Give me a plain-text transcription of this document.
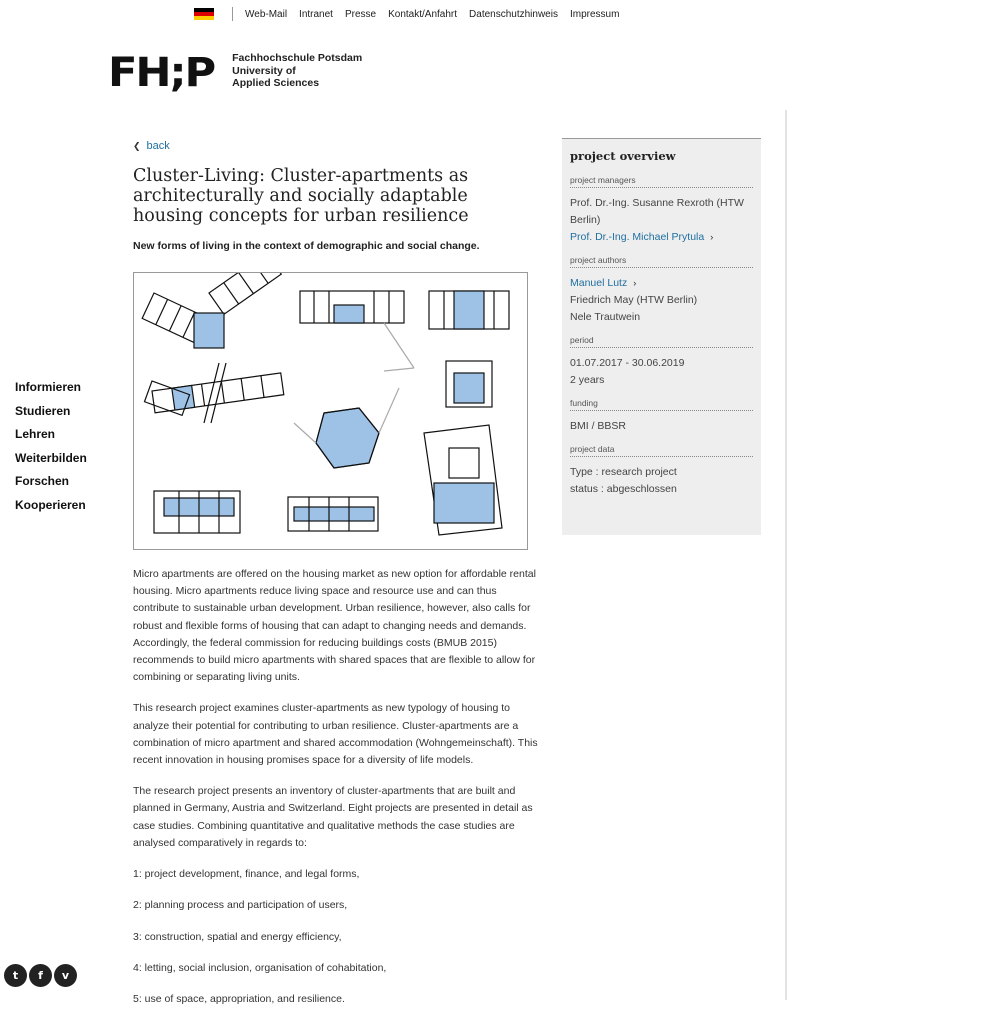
Web-Mail Intranet Presse Kontakt/Anfahrt Datenschutzhinweis Impressum
FH;P Fachhochschule Potsdam
University of
Applied Sciences
Informieren
Studieren
Lehren
Weiterbilden
Forschen
Kooperieren
❮ back
Cluster-Living: Cluster-apartments as architecturally and socially adaptable housing concepts for urban resilience
New forms of living in the context of demographic and social change.

Micro apartments are offered on the housing market as new option for affordable rental housing. Micro apartments reduce living space and resource use and can thus contribute to sustainable urban development. Urban resilience, however, also calls for robust and flexible forms of housing that can adapt to changing needs and demands. Accordingly, the federal commission for reducing buildings costs (BMUB 2015) recommends to build micro apartments with shared spaces that are flexible to allow for combining or separating living units.

This research project examines cluster-apartments as new typology of housing to analyze their potential for contributing to urban resilience. Cluster-apartments are a combination of micro apartment and shared accommodation (Wohngemeinschaft). This recent innovation in housing promises space for a diversity of life models.

The research project presents an inventory of cluster-apartments that are built and planned in Germany, Austria and Switzerland. Eight projects are presented in detail as case studies. Combining quantitative and qualitative methods the case studies are analysed comparatively in regards to:

1: project development, finance, and legal forms,
2: planning process and participation of users,
3: construction, spatial and energy efficiency,
4: letting, social inclusion, organisation of cohabitation,
5: use of space, appropriation, and resilience.
project overview
project managers
Prof. Dr.-Ing. Susanne Rexroth (HTW Berlin)
Prof. Dr.-Ing. Michael Prytula ›
project authors
Manuel Lutz ›
Friedrich May (HTW Berlin)
Nele Trautwein
period
01.07.2017 - 30.06.2019
2 years
funding
BMI / BBSR
project data
Type : research project
status : abgeschlossen
t	f	v
